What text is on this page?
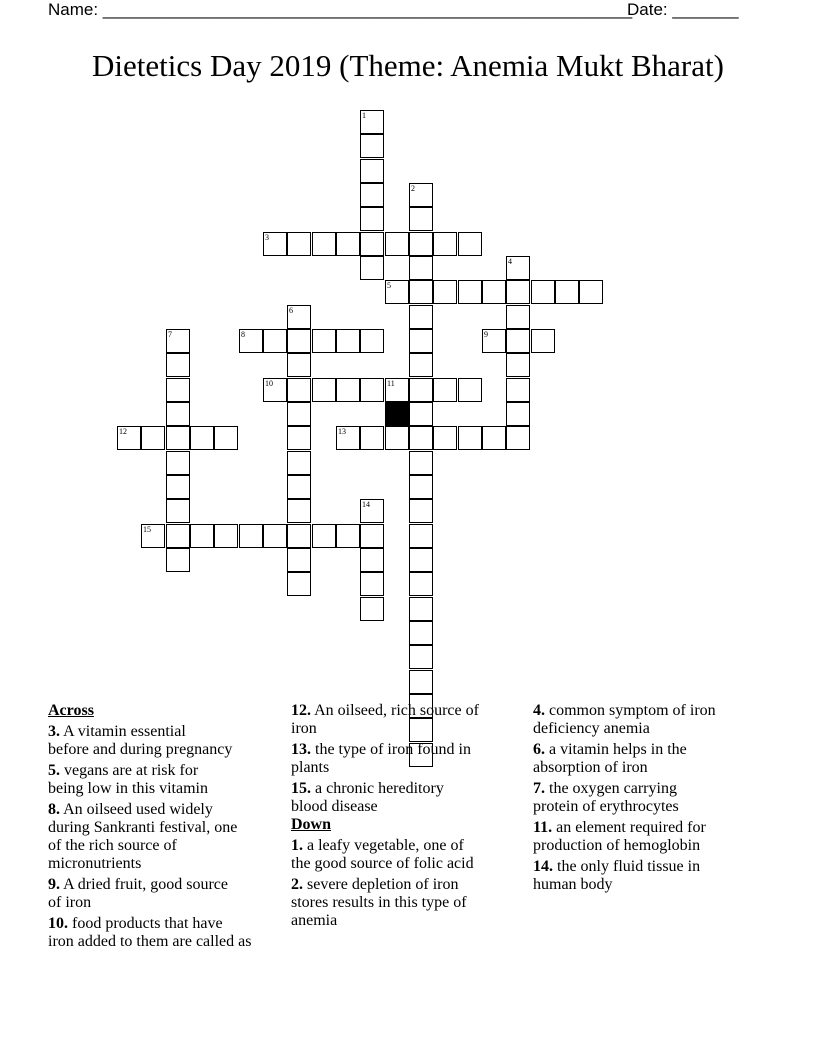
Name: ________________________________________________________
Date: _______
Dietetics Day 2019 (Theme: Anemia Mukt Bharat)
1
3
2
4
5
6
7	8	9
10	11
12	13
14
15
Across
3. A vitamin essential
before and during pregnancy
5. vegans are at risk for
being low in this vitamin
8. An oilseed used widely
during Sankranti festival, one
of the rich source of
micronutrients
9. A dried fruit, good source
of iron
10. food products that have
iron added to them are called as
12. An oilseed, rich source of
iron
13. the type of iron found in
plants
15. a chronic hereditory
blood disease
Down
1. a leafy vegetable, one of
the good source of folic acid
2. severe depletion of iron
stores results in this type of
anemia
4. common symptom of iron
deficiency anemia
6. a vitamin helps in the
absorption of iron
7. the oxygen carrying
protein of erythrocytes
11. an element required for
production of hemoglobin
14. the only fluid tissue in
human body
